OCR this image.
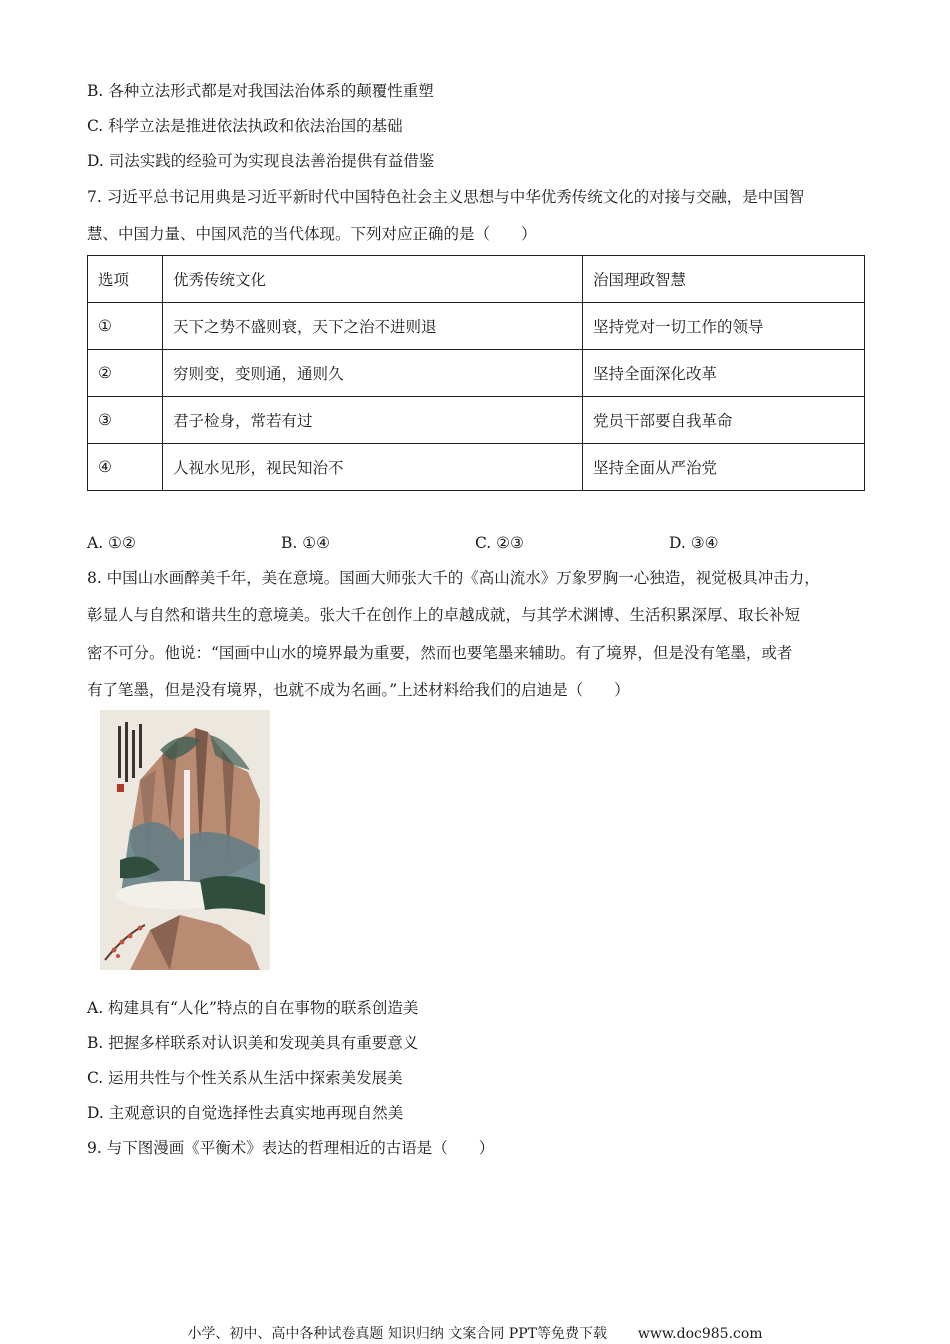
B. 各种立法形式都是对我国法治体系的颠覆性重塑
C. 科学立法是推进依法执政和依法治国的基础
D. 司法实践的经验可为实现良法善治提供有益借鉴
7. 习近平总书记用典是习近平新时代中国特色社会主义思想与中华优秀传统文化的对接与交融，是中国智
慧、中国力量、中国风范的当代体现。下列对应正确的是（　　）
选项	优秀传统文化	治国理政智慧
①	天下之势不盛则衰，天下之治不进则退	坚持党对一切工作的领导
②	穷则变，变则通，通则久	坚持全面深化改革
③	君子检身，常若有过	党员干部要自我革命
④	人视水见形，视民知治不	坚持全面从严治党
A. ①②	B. ①④	C. ②③	D. ③④
8. 中国山水画醉美千年，美在意境。国画大师张大千的《高山流水》万象罗胸一心独造，视觉极具冲击力，
彰显人与自然和谐共生的意境美。张大千在创作上的卓越成就，与其学术渊博、生活积累深厚、取长补短
密不可分。他说：“国画中山水的境界最为重要，然而也要笔墨来辅助。有了境界，但是没有笔墨，或者
有了笔墨，但是没有境界，也就不成为名画。”上述材料给我们的启迪是（　　）
A. 构建具有“人化”特点的自在事物的联系创造美
B. 把握多样联系对认识美和发现美具有重要意义
C. 运用共性与个性关系从生活中探索美发展美
D. 主观意识的自觉选择性去真实地再现自然美
9. 与下图漫画《平衡术》表达的哲理相近的古语是（　　）
小学、初中、高中各种试卷真题 知识归纳 文案合同 PPT等免费下载 www.doc985.com
